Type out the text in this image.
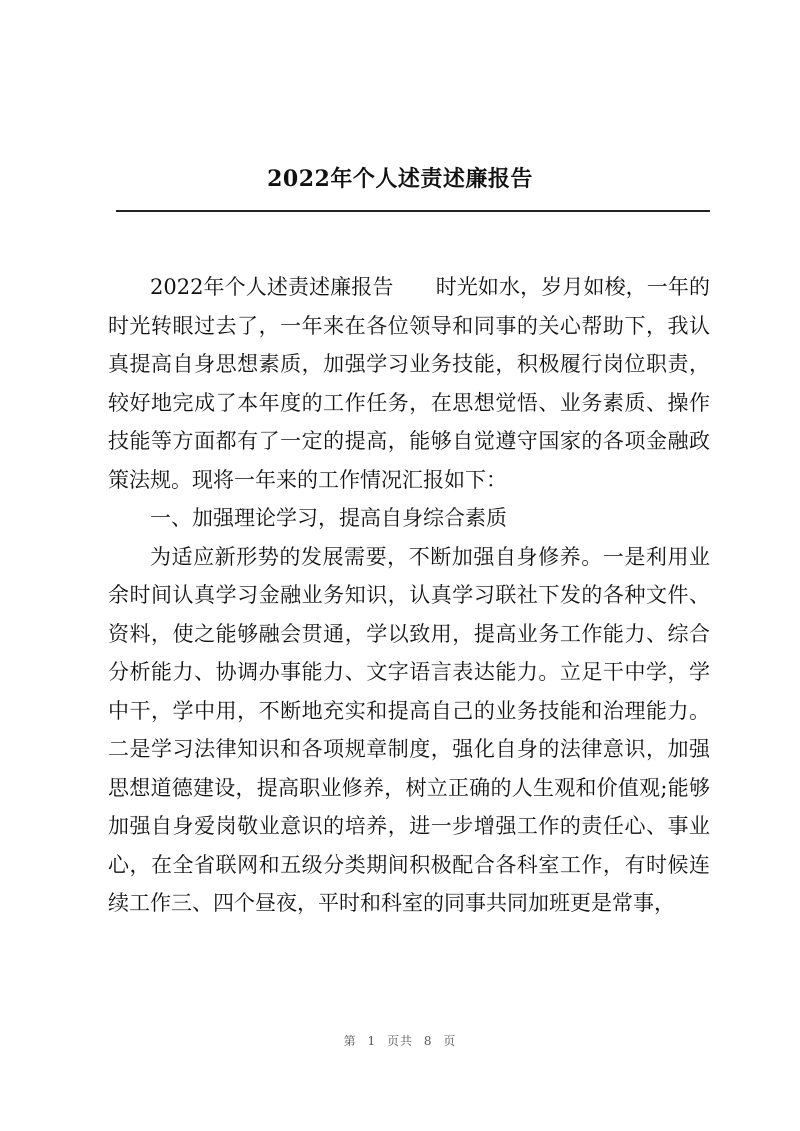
2022年个人述责述廉报告

2022年个人述责述廉报告　　时光如水，岁月如梭，一年的时光转眼过去了，一年来在各位领导和同事的关心帮助下，我认真提高自身思想素质，加强学习业务技能，积极履行岗位职责，较好地完成了本年度的工作任务，在思想觉悟、业务素质、操作技能等方面都有了一定的提高，能够自觉遵守国家的各项金融政策法规。现将一年来的工作情况汇报如下：

一、加强理论学习，提高自身综合素质

为适应新形势的发展需要，不断加强自身修养。一是利用业余时间认真学习金融业务知识，认真学习联社下发的各种文件、资料，使之能够融会贯通，学以致用，提高业务工作能力、综合分析能力、协调办事能力、文字语言表达能力。立足干中学，学中干，学中用，不断地充实和提高自己的业务技能和治理能力。二是学习法律知识和各项规章制度，强化自身的法律意识，加强思想道德建设，提高职业修养，树立正确的人生观和价值观;能够加强自身爱岗敬业意识的培养，进一步增强工作的责任心、事业心，在全省联网和五级分类期间积极配合各科室工作，有时候连续工作三、四个昼夜，平时和科室的同事共同加班更是常事，

第 1 页共 8 页
